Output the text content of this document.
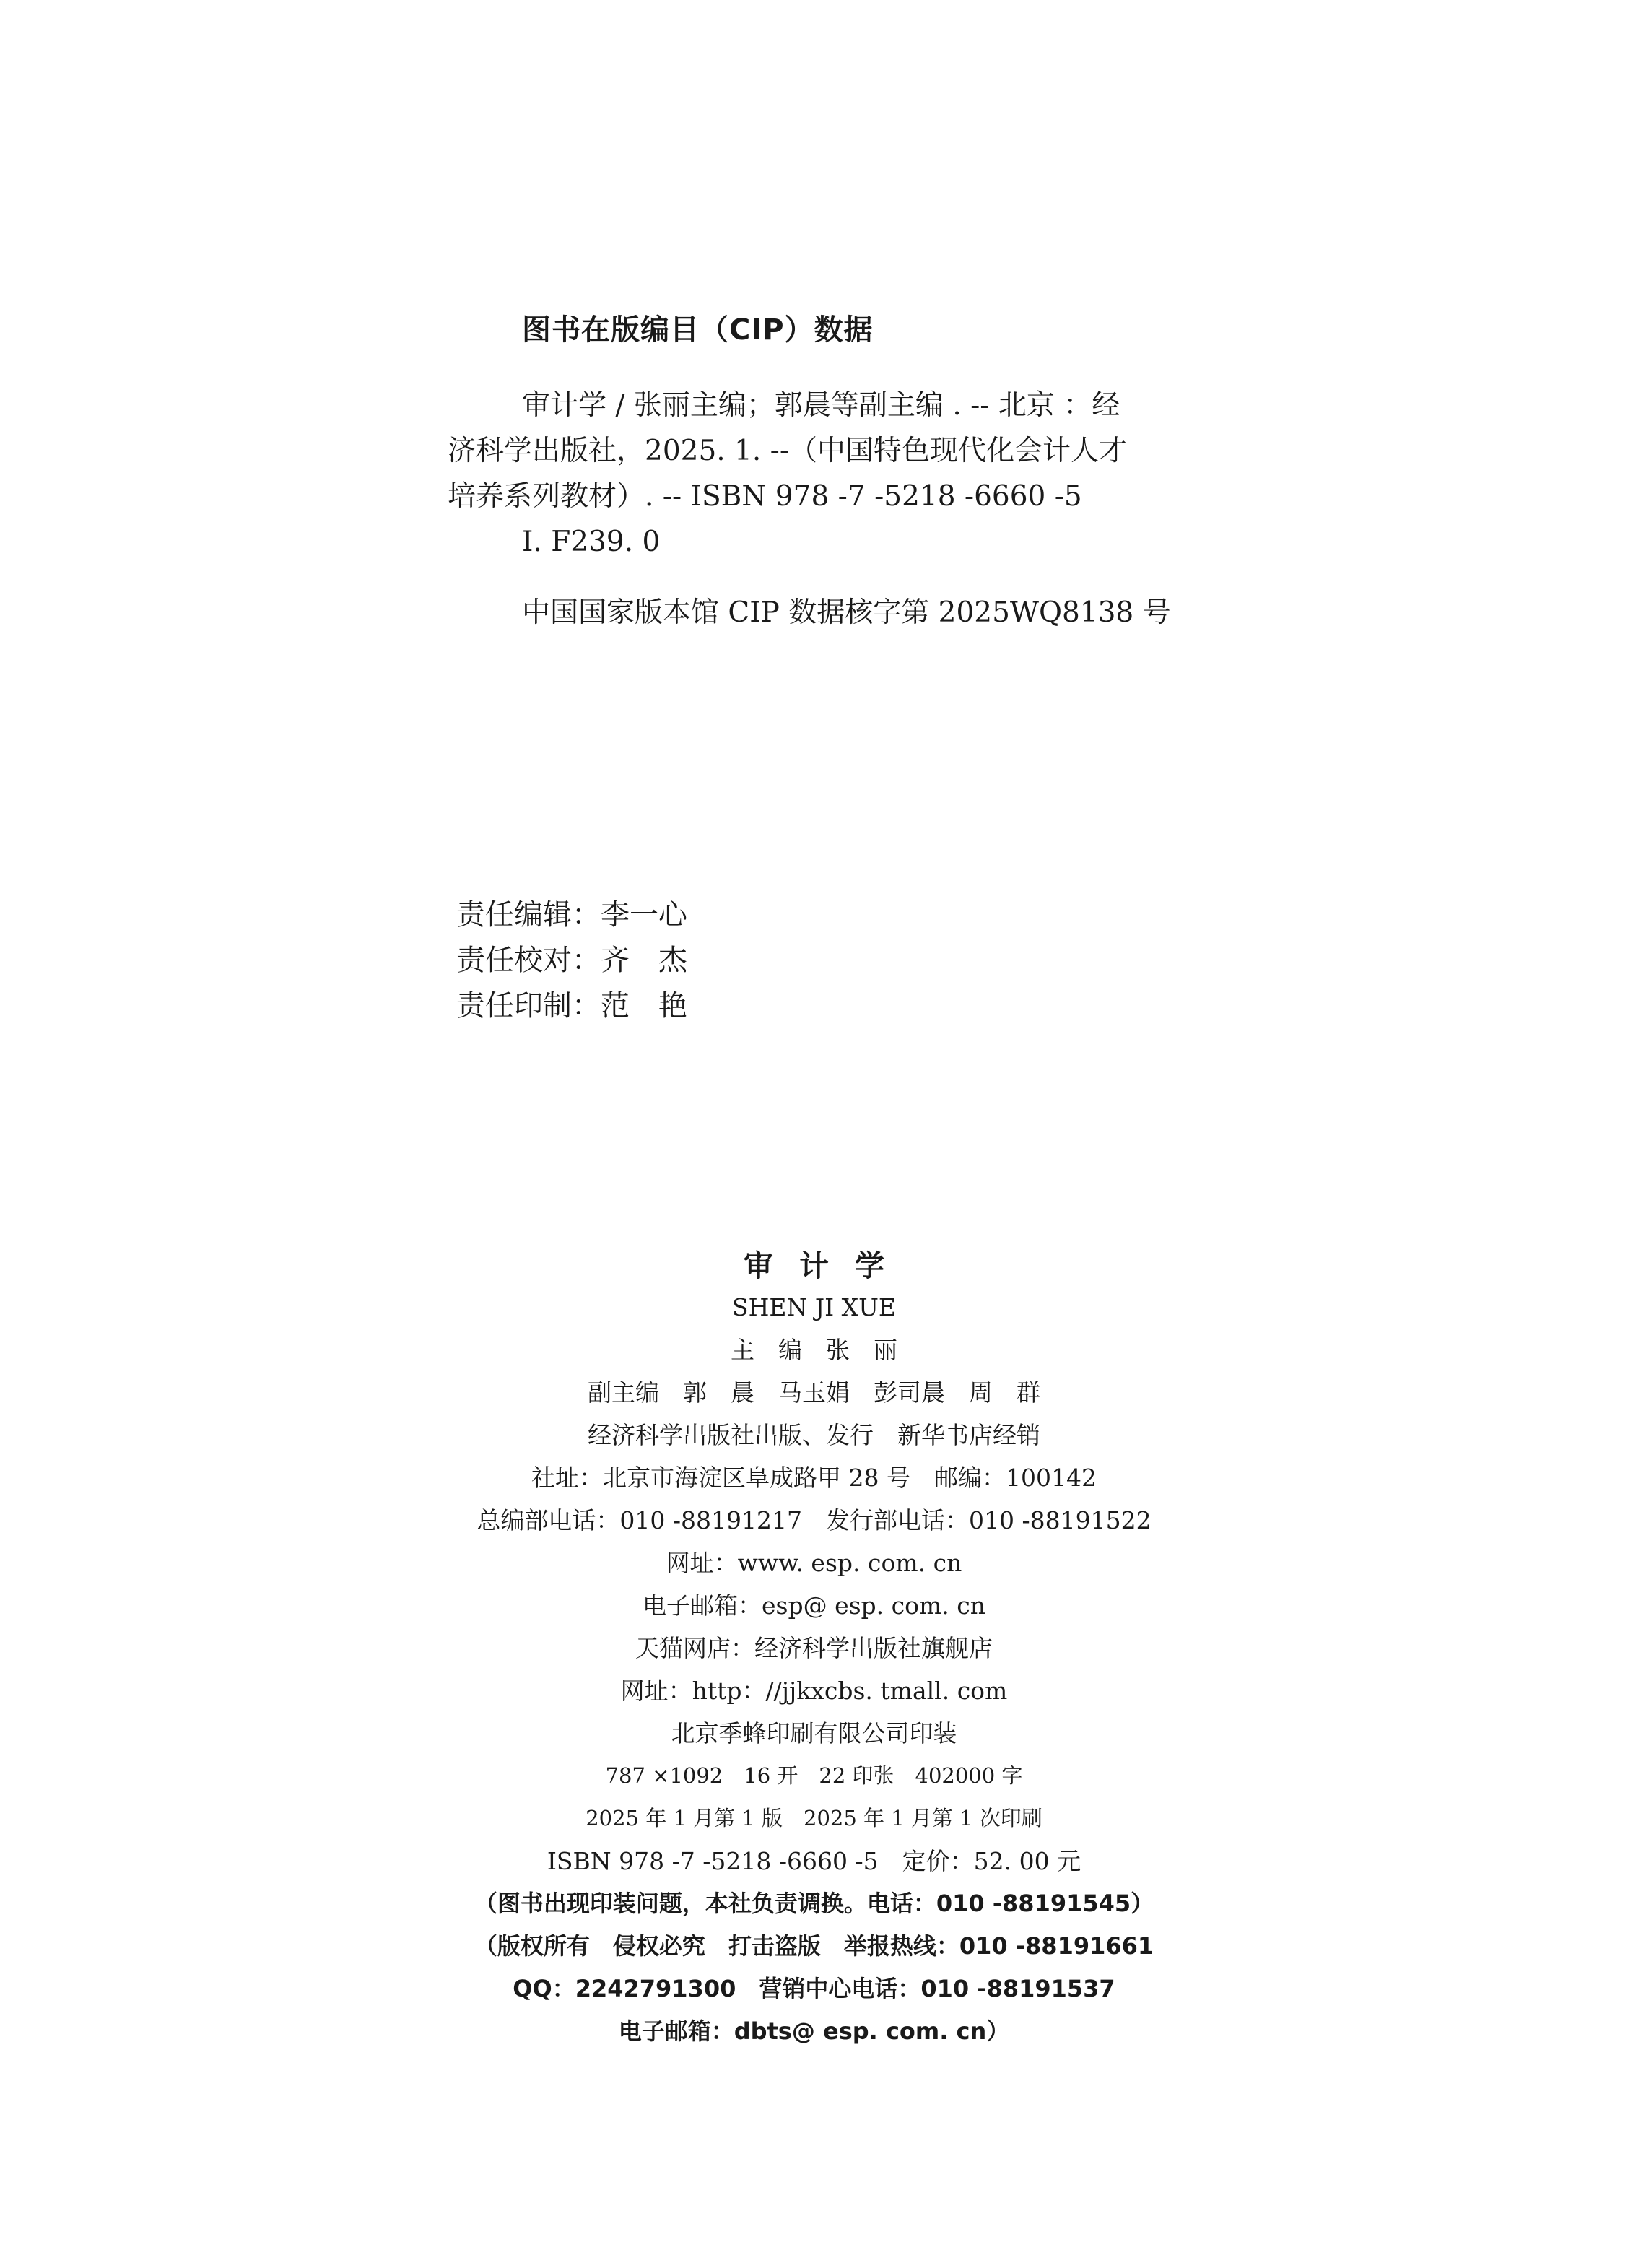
图书在版编目（CIP）数据
审计学 / 张丽主编；郭晨等副主编 . -- 北京 ：经
济科学出版社，2025. 1. --（中国特色现代化会计人才
培养系列教材）. -- ISBN 978 -7 -5218 -6660 -5
Ⅰ. F239. 0
中国国家版本馆 CIP 数据核字第 2025WQ8138 号
责任编辑：李一心
责任校对：齐　杰
责任印制：范　艳
审计学
SHEN JI XUE
主　编　张　丽
副主编　郭　晨　马玉娟　彭司晨　周　群
经济科学出版社出版、发行　新华书店经销
社址：北京市海淀区阜成路甲 28 号　邮编：100142
总编部电话：010 -88191217　发行部电话：010 -88191522
网址：www. esp. com. cn
电子邮箱：esp@ esp. com. cn
天猫网店：经济科学出版社旗舰店
网址：http：//jjkxcbs. tmall. com
北京季蜂印刷有限公司印装
787 ×1092　16 开　22 印张　402000 字
2025 年 1 月第 1 版　2025 年 1 月第 1 次印刷
ISBN 978 -7 -5218 -6660 -5　定价：52. 00 元
（图书出现印装问题，本社负责调换。电话：010 -88191545）
（版权所有　侵权必究　打击盗版　举报热线：010 -88191661
QQ：2242791300　营销中心电话：010 -88191537
电子邮箱：dbts@ esp. com. cn）
